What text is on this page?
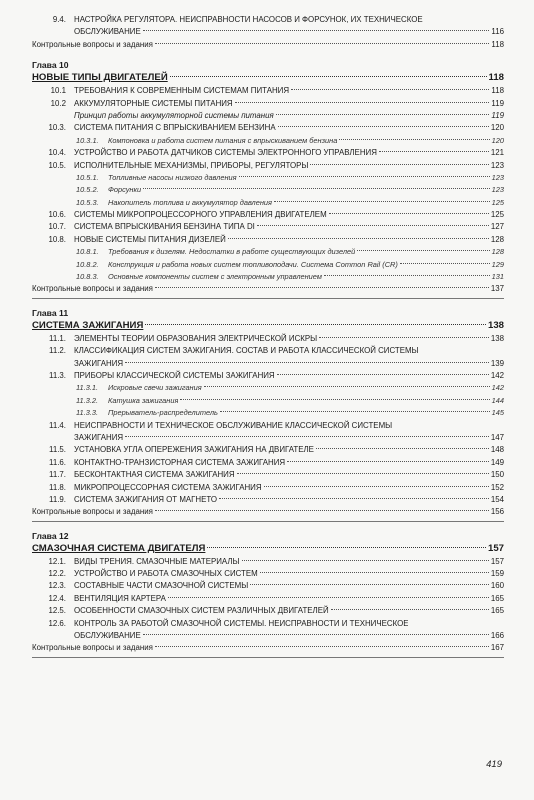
9.4. НАСТРОЙКА РЕГУЛЯТОРА. НЕИСПРАВНОСТИ НАСОСОВ И ФОРСУНОК, ИХ ТЕХНИЧЕСКОЕ
ОБСЛУЖИВАНИЕ	116
Контрольные вопросы и задания	118
Глава 10
НОВЫЕ ТИПЫ ДВИГАТЕЛЕЙ	118
10.1 ТРЕБОВАНИЯ К СОВРЕМЕННЫМ СИСТЕМАМ ПИТАНИЯ	118
10.2 АККУМУЛЯТОРНЫЕ СИСТЕМЫ ПИТАНИЯ	119
Принцип работы аккумуляторной системы питания	119
10.3. СИСТЕМА ПИТАНИЯ С ВПРЫСКИВАНИЕМ БЕНЗИНА	120
10.3.1. Компоновка и работа систем питания с впрыскиванием бензина	120
10.4. УСТРОЙСТВО И РАБОТА ДАТЧИКОВ СИСТЕМЫ ЭЛЕКТРОННОГО УПРАВЛЕНИЯ	121
10.5. ИСПОЛНИТЕЛЬНЫЕ МЕХАНИЗМЫ, ПРИБОРЫ, РЕГУЛЯТОРЫ	123
10.5.1. Топливные насосы низкого давления	123
10.5.2. Форсунки	123
10.5.3. Накопитель топлива и аккумулятор давления	125
10.6. СИСТЕМЫ МИКРОПРОЦЕССОРНОГО УПРАВЛЕНИЯ ДВИГАТЕЛЕМ	125
10.7. СИСТЕМА ВПРЫСКИВАНИЯ БЕНЗИНА ТИПА DI	127
10.8. НОВЫЕ СИСТЕМЫ ПИТАНИЯ ДИЗЕЛЕЙ	128
10.8.1. Требования к дизелям. Недостатки в работе существующих дизелей	128
10.8.2. Конструкция и работа новых систем топливоподачи. Система Common Rail (CR)	129
10.8.3. Основные компоненты систем с электронным управлением	131
Контрольные вопросы и задания	137
Глава 11
СИСТЕМА ЗАЖИГАНИЯ	138
11.1. ЭЛЕМЕНТЫ ТЕОРИИ ОБРАЗОВАНИЯ ЭЛЕКТРИЧЕСКОЙ ИСКРЫ	138
11.2. КЛАССИФИКАЦИЯ СИСТЕМ ЗАЖИГАНИЯ. СОСТАВ И РАБОТА КЛАССИЧЕСКОЙ СИСТЕМЫ
ЗАЖИГАНИЯ	139
11.3. ПРИБОРЫ КЛАССИЧЕСКОЙ СИСТЕМЫ ЗАЖИГАНИЯ	142
11.3.1. Искровые свечи зажигания	142
11.3.2. Катушка зажигания	144
11.3.3. Прерыватель-распределитель	145
11.4. НЕИСПРАВНОСТИ И ТЕХНИЧЕСКОЕ ОБСЛУЖИВАНИЕ КЛАССИЧЕСКОЙ СИСТЕМЫ
ЗАЖИГАНИЯ	147
11.5. УСТАНОВКА УГЛА ОПЕРЕЖЕНИЯ ЗАЖИГАНИЯ НА ДВИГАТЕЛЕ	148
11.6. КОНТАКТНО-ТРАНЗИСТОРНАЯ СИСТЕМА ЗАЖИГАНИЯ	149
11.7. БЕСКОНТАКТНАЯ СИСТЕМА ЗАЖИГАНИЯ	150
11.8. МИКРОПРОЦЕССОРНАЯ СИСТЕМА ЗАЖИГАНИЯ	152
11.9. СИСТЕМА ЗАЖИГАНИЯ ОТ МАГНЕТО	154
Контрольные вопросы и задания	156
Глава 12
СМАЗОЧНАЯ СИСТЕМА ДВИГАТЕЛЯ	157
12.1. ВИДЫ ТРЕНИЯ. СМАЗОЧНЫЕ МАТЕРИАЛЫ	157
12.2. УСТРОЙСТВО И РАБОТА СМАЗОЧНЫХ СИСТЕМ	159
12.3. СОСТАВНЫЕ ЧАСТИ СМАЗОЧНОЙ СИСТЕМЫ	160
12.4. ВЕНТИЛЯЦИЯ КАРТЕРА	165
12.5. ОСОБЕННОСТИ СМАЗОЧНЫХ СИСТЕМ РАЗЛИЧНЫХ ДВИГАТЕЛЕЙ	165
12.6. КОНТРОЛЬ ЗА РАБОТОЙ СМАЗОЧНОЙ СИСТЕМЫ. НЕИСПРАВНОСТИ И ТЕХНИЧЕСКОЕ
ОБСЛУЖИВАНИЕ	166
Контрольные вопросы и задания	167
419
